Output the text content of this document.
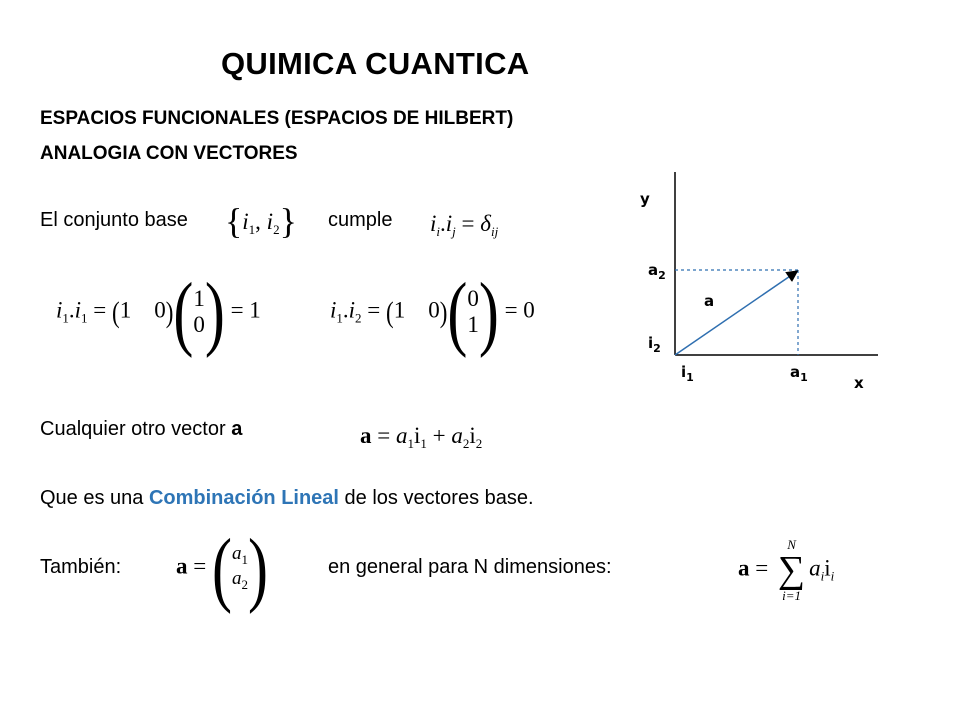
QUIMICA CUANTICA
ESPACIOS FUNCIONALES (ESPACIOS DE HILBERT)
ANALOGIA CON VECTORES
El conjunto base {$i_1$, $i_2$} cumple $i_i.i_j = \delta_{ij}$
$i_1.i_1 = (1$    0)( 1
0 ) = 1	$i_1.i_2 = (1$    0)( 0
1 ) = 0
Cualquier otro vector a	$a = a_1i_1 + a_2i_2$
Que es una Combinación Lineal de los vectores base.
También: a = ( $a_1$
$a_2$ )	en general para N dimensiones:	a =
N
∑
i=1
$a_ii_i$
y
x
$a_2$
a
$i_2$
$i_1$	$a_1$
